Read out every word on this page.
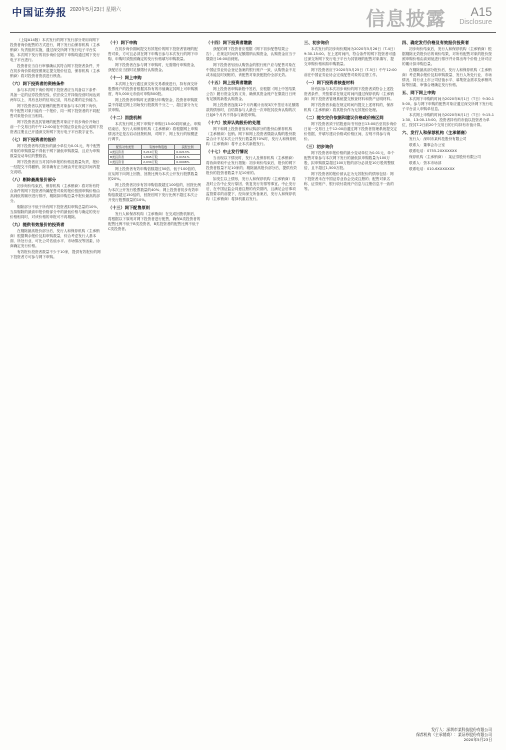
中国证券报 2020年5月23日 星期六	信息披露 A15
Disclosure

（上接A14版）本次发行的网下发行部分采用向网下投资者询价配售的方式进行，网下发行由保荐机构（主承销商）负责组织实施，通过深交所网下发行电子平台实施。本次网下发行的初步询价及网下申购均通过网下发行电子平台进行。

投资者应当自行审慎确认其符合网下投资者条件，并在初步询价阶段按照规定提交报价信息，保荐机构（主承销商）将对投资者资质进行核查。

（六）网下投资者的资格条件

参与本次网下询价的网下投资者应当具备以下条件：具备一定的证券投资经验，依法设立并持续经营时间达到两年以上，具有良好的信用记录，具有必要的定价能力。

网下投资者以其管理的配售对象参与本次网下询价，每个配售对象只能有一个报价，同一网下投资者的不同配售对象报价应当相同。

网下投资者及其管理的配售对象应于初步询价开始日前一个交易日的中午12:00前在中国证券业协会完成网下投资者注册且已开通深交所网下发行电子平台数字证书。

（七）网下投资者的报价

网下投资者每次报价的最小单位为0.01元，每个配售对象的申购数量不得低于网下最低申购数量，且应为申购数量变动单位的整数倍。

网下投资者应当对其所申报的价格及数量负责，报价一经提交不得撤销，除非确有正当理由并在规定时间内提交说明。

（八）剔除最高报价部分

初步询价结束后，保荐机构（主承销商）将对所有符合条件的网下投资者所属配售对象的报价按照申购价格由高到低的顺序进行排序，剔除拟申购总量中报价最高的部分。

剔除部分不低于所有网下投资者拟申购总量的10%，当拟剔除的最高申报价格部分中的最低价格与确定的发行价格相同时，对该价格的申报可不再剔除。

（九）提供有效报价的投资者

在剔除最高报价部分后，发行人和保荐机构（主承销商）根据剩余报价及拟申购数量，综合考虑发行人基本面、所处行业、可比公司估值水平、市场情况等因素，协商确定发行价格。

有效报价投资者数量不少于10家，提供有效报价的网下投资者方可参与网下申购。

（十）网下申购

在初步询价期间提交有效报价的网下投资者管理的配售对象，方可且必须在网下申购日参与本次发行的网下申购，申购时须按照确定的发行价格填写申购数量。

网下投资者在参与网下申购时，无需缴付申购资金，获配后应当按时足额缴付认购资金。

（十一）网上申购

本次网上发行通过深交所交易系统进行，持有深交所股票账户的投资者根据其持有的市值确定其网上可申购额度，每5,000元市值可申购500股。

网上投资者申购时无需缴付申购资金，投资者申购数量不得超过网上初始发行股数的千分之一，超过部分为无效申购。

（十二）回拨机制

本次发行网上网下申购于申购日15:00同时截止。申购结束后，发行人和保荐机构（主承销商）将根据网上申购情况决定是否启动回拨机制，对网下、网上发行的规模进行调节。

配售对象类型	有效申购股数	获配比例
A类投资者	3,210万股	0.0213%
B类投资者	1,845万股	0.0151%
C类投资者	2,034万股	0.0098%

网上投资者有效申购倍数超过50倍、低于100倍的，应从网下向网上回拨，回拨比例为本次公开发行股票数量的20%。

网上投资者初步有效申购倍数超过100倍的，回拨比例为本次公开发行股票数量的40%；网上投资者初步有效申购倍数超过150倍的，回拨后网下发行比例不超过本次公开发行股票数量的10%。

（十三）网下配售原则

发行人和保荐机构（主承销商）在完成回拨机制后，将根据以下原则对网下投资者进行配售，确保A类投资者的配售比例不低于B类投资者，B类投资者的配售比例不低于C类投资者。

（十四）网下投资者缴款

获配的网下投资者应根据《网下初步配售结果公告》，在规定时间内足额缴纳认购资金，认购资金应当于缴款日16:00前到账。

网下投资者划出认购资金的银行账户应与配售对象在中国证券业协会登记备案的银行账户一致，认购资金不足或未能及时到账的，该配售对象获配股份全部无效。

（十五）网上投资者缴款

网上投资者申购新股中签后，应根据《网上中签结果公告》履行资金交收义务，确保其资金账户在缴款日日终有足额的新股认购资金。

网上投资者连续12个月内累计出现3次中签后未足额缴款的情形时，自结算参与人最近一次申报其放弃认购的次日起6个月内不得参与新股申购。

（十六）放弃认购股份的处理

网下和网上投资者放弃认购部分的股份由保荐机构（主承销商）包销。网下和网上投资者缴款认购的股份数量合计不足本次公开发行数量的70%时，发行人和保荐机构（主承销商）将中止本次新股发行。

（十七）中止发行情况

当出现以下情况时，发行人及保荐机构（主承销商）将协商采取中止发行措施：初步询价结束后，报价的网下投资者数量不足10家的；剔除最高报价部分后，提供有效报价的投资者数量不足10家的。

如发生以上情形，发行人和保荐机构（主承销商）将及时公告中止发行原因、恢复发行安排等事宜。中止发行后，在中国证监会同意注册的有效期内，且满足会后事项监管要求的前提下，经向深交所备案后，发行人和保荐机构（主承销商）将择机重启发行。

三、初步询价

本次发行的初步询价期间为2020年5月26日（T-4日）9:30-15:00。在上述时间内，符合条件的网下投资者可通过深交所网下发行电子平台为其管理的配售对象填写、提交申购价格和拟申购数量。

网下投资者应于2020年5月25日（T-5日）中午12:00前在中国证券业协会完成配售对象的注册工作。

（一）网下投资者核查材料

所有拟参与本次初步询价的网下投资者须符合上述投资者条件，并按要求在规定时间内通过保荐机构（主承销商）网下投资者管理系统提交核查材料和资产证明材料。

网下投资者未能在规定时间内提交上述材料的，保荐机构（主承销商）将其报价作为无效报价处理。

（二）提交定价依据和建议价格或价格区间

网下投资者须于招股意向书刊登日13:00后至初步询价日前一交易日上午12:00前通过网下投资者管理系统提交定价依据，并填写建议价格或价格区间，否则不得参与询价。

（三）初步询价

网下投资者申报价格的最小变动单位为0.01元，单个配售对象参与本次网下发行的最低拟申购数量为100万股，拟申购数量超过100万股的部分必须是10万股的整数倍，且不超过1,500万股。

网下投资者的报价被认定为无效报价的情形包括：网下投资者未在中国证券业协会完成注册的；配售对象名称、证券账户、银行收付款账户信息与注册信息不一致的等。

四、确定发行价格及有效报价投资者

初步询价结束后，发行人和保荐机构（主承销商）根据剔除无效报价后的询价结果，对所有配售对象的报价按照申购价格由高到低进行排序并计算出每个价格上所对应的累计拟申购总量。

在剔除最高部分报价后，发行人和保荐机构（主承销商）考虑剩余报价及拟申购数量、发行人所处行业、市场情况、同行业上市公司估值水平、募集资金需求及承销风险等因素，审慎合理确定发行价格。

五、网下网上申购

本次网下申购的时间为2020年6月1日（T日）9:30-15:00。参与网下申购的配售对象应通过深交所网下发行电子平台录入申购单信息。

本次网上申购的时间为2020年6月1日（T日）9:15-11:30、13:00-15:00。投资者持有的市值以投资者为单位，按其T-2日前20个交易日的日均持有市值计算。

六、发行人和保荐机构（主承销商）

发行人：深圳市某科技股份有限公司

联系人：董事会办公室

联系电话：0755-2XXXXXXX

保荐机构（主承销商）：某证券股份有限公司

联系人：资本市场部

联系电话：010-6XXXXXXX

发行人：深圳市某科技股份有限公司
保荐机构（主承销商）：某证券股份有限公司
2020年5月23日
